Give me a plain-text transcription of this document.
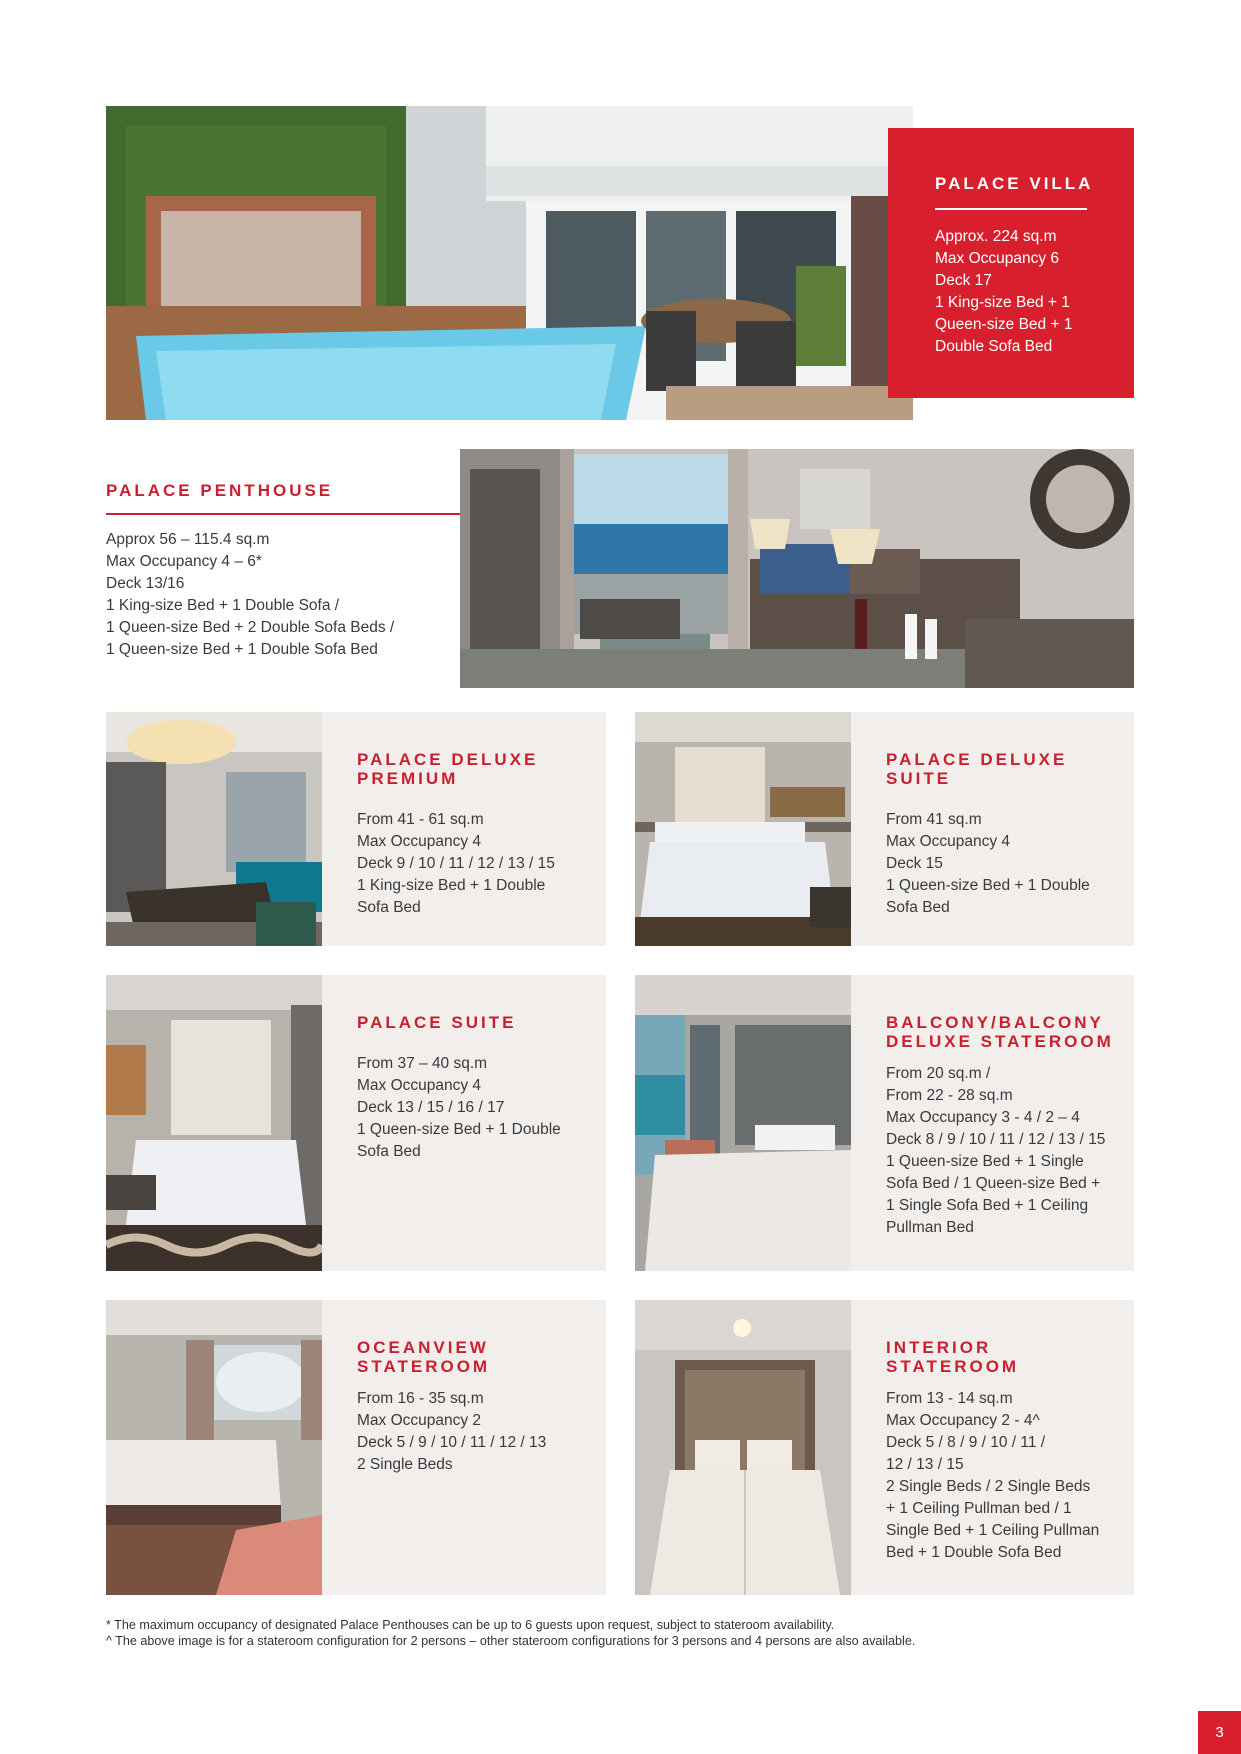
PALACE VILLA

Approx. 224 sq.m

Max Occupancy 6

Deck 17

1 King-size Bed + 1

Queen-size Bed + 1

Double Sofa Bed

PALACE PENTHOUSE

Approx 56 – 115.4 sq.m

Max Occupancy 4 – 6*

Deck 13/16

1 King-size Bed + 1 Double Sofa /

1 Queen-size Bed + 2 Double Sofa Beds /

1 Queen-size Bed + 1 Double Sofa Bed

PALACE DELUXE
PREMIUM

From 41 - 61 sq.m

Max Occupancy 4

Deck 9 / 10 / 11 / 12 / 13 / 15

1 King-size Bed + 1 Double

Sofa Bed

PALACE DELUXE
SUITE

From 41 sq.m

Max Occupancy 4

Deck 15

1 Queen-size Bed + 1 Double

Sofa Bed

PALACE SUITE

From 37 – 40 sq.m

Max Occupancy 4

Deck 13 / 15 / 16 / 17

1 Queen-size Bed + 1 Double

Sofa Bed

BALCONY/BALCONY
DELUXE STATEROOM

From 20 sq.m /

From 22 - 28 sq.m

Max Occupancy 3 - 4 / 2 – 4

Deck 8 / 9 / 10 / 11 / 12 / 13 / 15

1 Queen-size Bed + 1 Single

Sofa Bed / 1 Queen-size Bed +

1 Single Sofa Bed + 1 Ceiling

Pullman Bed

OCEANVIEW
STATEROOM

From 16 - 35 sq.m

Max Occupancy 2

Deck 5 / 9 / 10 / 11 / 12 / 13

2 Single Beds

INTERIOR
STATEROOM

From 13 - 14 sq.m

Max Occupancy 2 - 4^

Deck 5 / 8 / 9 / 10 / 11 /

12 / 13 / 15

2 Single Beds / 2 Single Beds

+ 1 Ceiling Pullman bed / 1

Single Bed + 1 Ceiling Pullman

Bed + 1 Double Sofa Bed

* The maximum occupancy of designated Palace Penthouses can be up to 6 guests upon request, subject to stateroom availability.

^ The above image is for a stateroom configuration for 2 persons – other stateroom configurations for 3 persons and 4 persons are also available.

3
